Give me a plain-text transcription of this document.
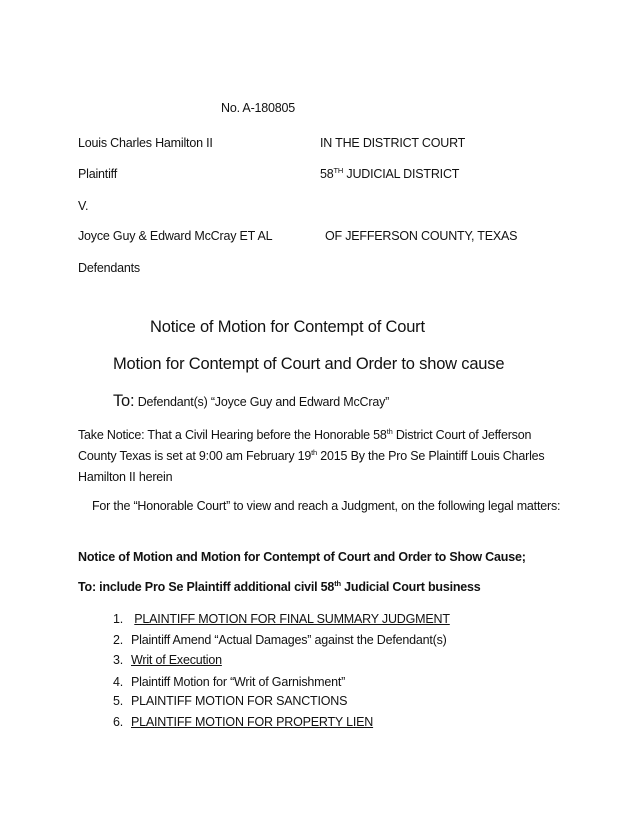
No. A-180805
Louis Charles Hamilton II	IN THE DISTRICT COURT
Plaintiff	58TH JUDICIAL DISTRICT
V.
Joyce Guy & Edward McCray ET AL	OF JEFFERSON COUNTY, TEXAS
Defendants
Notice of Motion for Contempt of Court
Motion for Contempt of Court and Order to show cause
To: Defendant(s) “Joyce Guy and Edward McCray”
Take Notice: That a Civil Hearing before the Honorable 58th District Court of Jefferson County Texas is set at 9:00 am February 19th 2015 By the Pro Se Plaintiff Louis Charles Hamilton II herein
For the “Honorable Court” to view and reach a Judgment, on the following legal matters:
Notice of Motion and Motion for Contempt of Court and Order to Show Cause;
To: include Pro Se Plaintiff additional civil 58th Judicial Court business
1. PLAINTIFF MOTION FOR FINAL SUMMARY JUDGMENT
2. Plaintiff Amend “Actual Damages” against the Defendant(s)
3. Writ of Execution
4. Plaintiff Motion for “Writ of Garnishment”
5. PLAINTIFF MOTION FOR SANCTIONS
6. PLAINTIFF MOTION FOR PROPERTY LIEN
